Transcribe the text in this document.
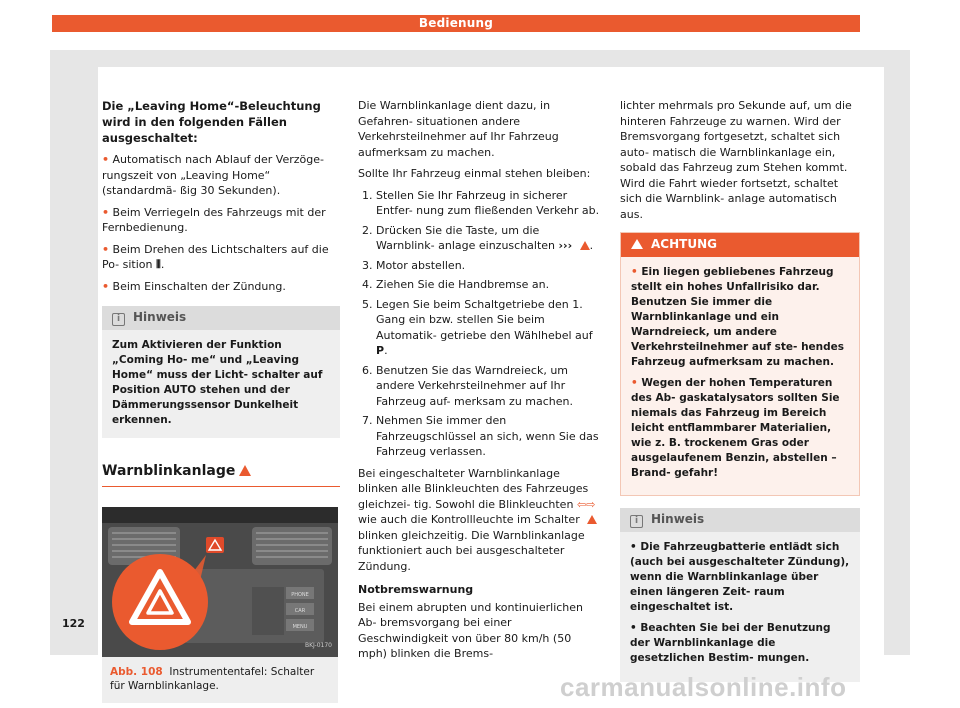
Bedienung

Die „Leaving Home“-Beleuchtung wird in den folgenden Fällen ausgeschaltet:

• Automatisch nach Ablauf der Verzöge- rungszeit von „Leaving Home“ (standardmä- ßig 30 Sekunden).

• Beim Verriegeln des Fahrzeugs mit der Fernbedienung.

• Beim Drehen des Lichtschalters auf die Po- sition ⦀.

• Beim Einschalten der Zündung.

i Hinweis
Zum Aktivieren der Funktion „Coming Ho- me“ und „Leaving Home“ muss der Licht- schalter auf Position AUTO stehen und der Dämmerungssensor Dunkelheit erkennen.
Warnblinkanlage
PHONE
CAR
MENU
BKJ-0170
Abb. 108 Instrumententafel: Schalter für Warnblinkanlage.

Die Warnblinkanlage dient dazu, in Gefahren- situationen andere Verkehrsteilnehmer auf Ihr Fahrzeug aufmerksam zu machen.

Sollte Ihr Fahrzeug einmal stehen bleiben:

1. Stellen Sie Ihr Fahrzeug in sicherer Entfer- nung zum fließenden Verkehr ab.
2. Drücken Sie die Taste, um die Warnblink- anlage einzuschalten ››› .
3. Motor abstellen.
4. Ziehen Sie die Handbremse an.
5. Legen Sie beim Schaltgetriebe den 1. Gang ein bzw. stellen Sie beim Automatik- getriebe den Wählhebel auf P.
6. Benutzen Sie das Warndreieck, um andere Verkehrsteilnehmer auf Ihr Fahrzeug auf- merksam zu machen.
7. Nehmen Sie immer den Fahrzeugschlüssel an sich, wenn Sie das Fahrzeug verlassen.

Bei eingeschalteter Warnblinkanlage blinken alle Blinkleuchten des Fahrzeuges gleichzei- tig. Sowohl die Blinkleuchten ⇦⇨ wie auch die Kontrollleuchte im Schalter  blinken gleichzeitig. Die Warnblinkanlage funktioniert auch bei ausgeschalteter Zündung.

Notbremswarnung

Bei einem abrupten und kontinuierlichen Ab- bremsvorgang bei einer Geschwindigkeit von über 80 km/h (50 mph) blinken die Brems-

lichter mehrmals pro Sekunde auf, um die hinteren Fahrzeuge zu warnen. Wird der Bremsvorgang fortgesetzt, schaltet sich auto- matisch die Warnblinkanlage ein, sobald das Fahrzeug zum Stehen kommt. Wird die Fahrt wieder fortsetzt, schaltet sich die Warnblink- anlage automatisch aus.

ACHTUNG

• Ein liegen gebliebenes Fahrzeug stellt ein hohes Unfallrisiko dar. Benutzen Sie immer die Warnblinkanlage und ein Warndreieck, um andere Verkehrsteilnehmer auf ste- hendes Fahrzeug aufmerksam zu machen.

• Wegen der hohen Temperaturen des Ab- gaskatalysators sollten Sie niemals das Fahrzeug im Bereich leicht entflammbarer Materialien, wie z. B. trockenem Gras oder ausgelaufenem Benzin, abstellen – Brand- gefahr!

i Hinweis

• Die Fahrzeugbatterie entlädt sich (auch bei ausgeschalteter Zündung), wenn die Warnblinkanlage über einen längeren Zeit- raum eingeschaltet ist.

• Beachten Sie bei der Benutzung der Warnblinkanlage die gesetzlichen Bestim- mungen.

122
carmanualsonline.info
